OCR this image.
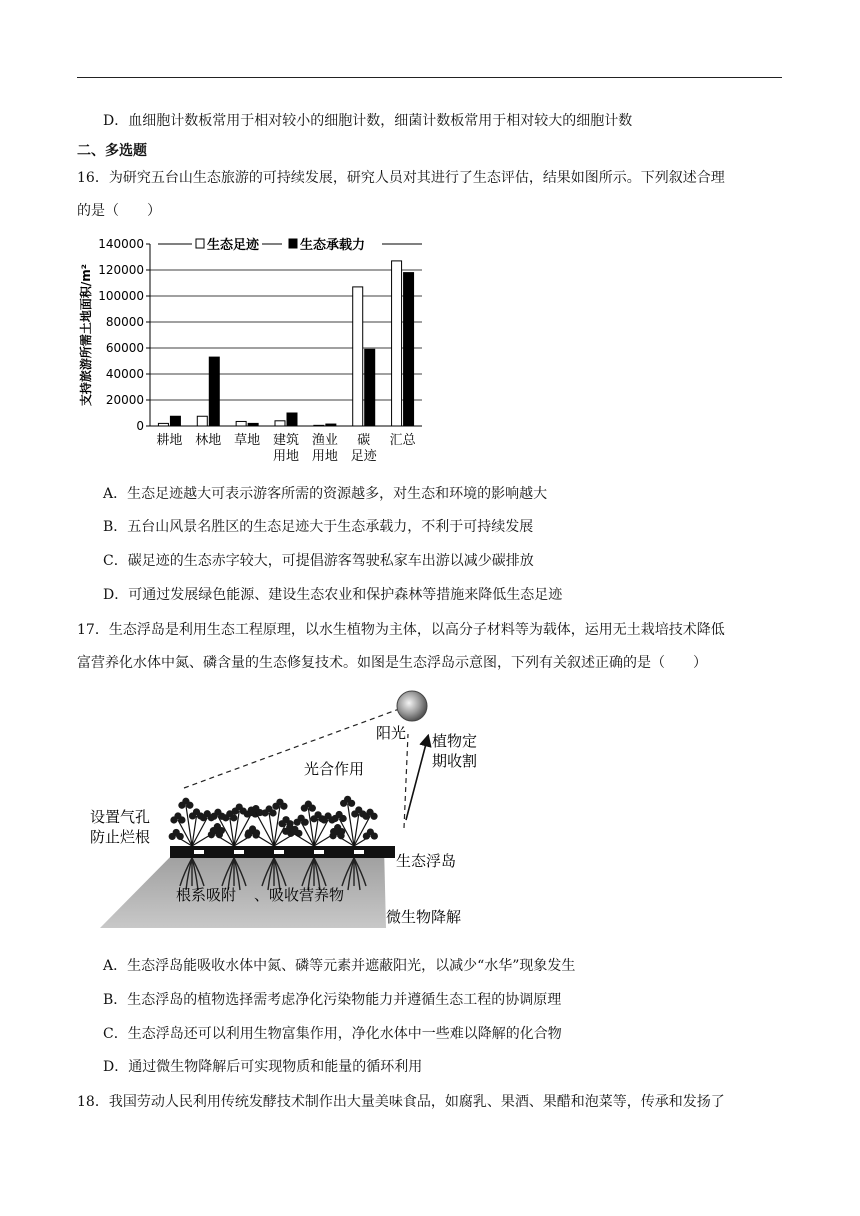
D．血细胞计数板常用于相对较小的细胞计数，细菌计数板常用于相对较大的细胞计数
二、多选题
16．为研究五台山生态旅游的可持续发展，研究人员对其进行了生态评估，结果如图所示。下列叙述合理
的是（　　）
140000
120000
100000
80000
60000
40000
20000
0
支持旅游所需土地面积/m²
耕地 林地 草地 建筑
用地
渔业
用地
碳
足迹
汇总
生态足迹	生态承载力
A．生态足迹越大可表示游客所需的资源越多，对生态和环境的影响越大
B．五台山风景名胜区的生态足迹大于生态承载力，不利于可持续发展
C．碳足迹的生态赤字较大，可提倡游客驾驶私家车出游以减少碳排放
D．可通过发展绿色能源、建设生态农业和保护森林等措施来降低生态足迹
17．生态浮岛是利用生态工程原理，以水生植物为主体，以高分子材料等为载体，运用无土栽培技术降低
富营养化水体中氮、磷含量的生态修复技术。如图是生态浮岛示意图，下列有关叙述正确的是（　　）
阳光 植物定
期收割
光合作用
设置气孔
防止烂根
生态浮岛
根系吸附 、吸收营养物
微生物降解
A．生态浮岛能吸收水体中氮、磷等元素并遮蔽阳光，以减少“水华”现象发生
B．生态浮岛的植物选择需考虑净化污染物能力并遵循生态工程的协调原理
C．生态浮岛还可以利用生物富集作用，净化水体中一些难以降解的化合物
D．通过微生物降解后可实现物质和能量的循环利用
18．我国劳动人民利用传统发酵技术制作出大量美味食品，如腐乳、果酒、果醋和泡菜等，传承和发扬了
